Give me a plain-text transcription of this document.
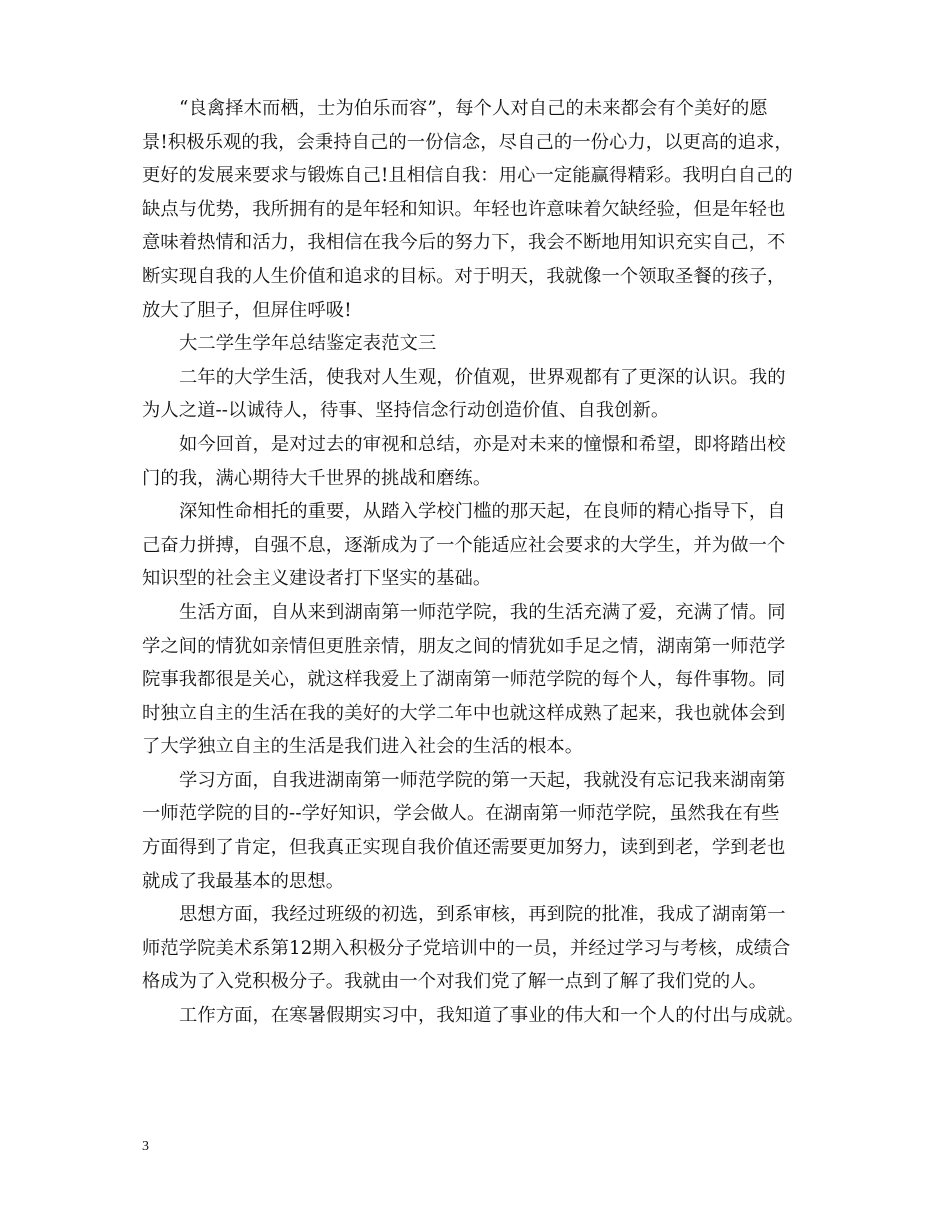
“良禽择木而栖，士为伯乐而容”，每个人对自己的未来都会有个美好的愿
景!积极乐观的我，会秉持自己的一份信念，尽自己的一份心力，以更高的追求，
更好的发展来要求与锻炼自己!且相信自我：用心一定能赢得精彩。我明白自己的
缺点与优势，我所拥有的是年轻和知识。年轻也许意味着欠缺经验，但是年轻也
意味着热情和活力，我相信在我今后的努力下，我会不断地用知识充实自己，不
断实现自我的人生价值和追求的目标。对于明天，我就像一个领取圣餐的孩子，
放大了胆子，但屏住呼吸!
大二学生学年总结鉴定表范文三
二年的大学生活，使我对人生观，价值观，世界观都有了更深的认识。我的
为人之道--以诚待人，待事、坚持信念行动创造价值、自我创新。
如今回首，是对过去的审视和总结，亦是对未来的憧憬和希望，即将踏出校
门的我，满心期待大千世界的挑战和磨练。
深知性命相托的重要，从踏入学校门槛的那天起，在良师的精心指导下，自
己奋力拼搏，自强不息，逐渐成为了一个能适应社会要求的大学生，并为做一个
知识型的社会主义建设者打下坚实的基础。
生活方面，自从来到湖南第一师范学院，我的生活充满了爱，充满了情。同
学之间的情犹如亲情但更胜亲情，朋友之间的情犹如手足之情，湖南第一师范学
院事我都很是关心，就这样我爱上了湖南第一师范学院的每个人，每件事物。同
时独立自主的生活在我的美好的大学二年中也就这样成熟了起来，我也就体会到
了大学独立自主的生活是我们进入社会的生活的根本。
学习方面，自我进湖南第一师范学院的第一天起，我就没有忘记我来湖南第
一师范学院的目的--学好知识，学会做人。在湖南第一师范学院，虽然我在有些
方面得到了肯定，但我真正实现自我价值还需要更加努力，读到到老，学到老也
就成了我最基本的思想。
思想方面，我经过班级的初选，到系审核，再到院的批准，我成了湖南第一
师范学院美术系第12期入积极分子党培训中的一员，并经过学习与考核，成绩合
格成为了入党积极分子。我就由一个对我们党了解一点到了解了我们党的人。
工作方面，在寒暑假期实习中，我知道了事业的伟大和一个人的付出与成就。
3
